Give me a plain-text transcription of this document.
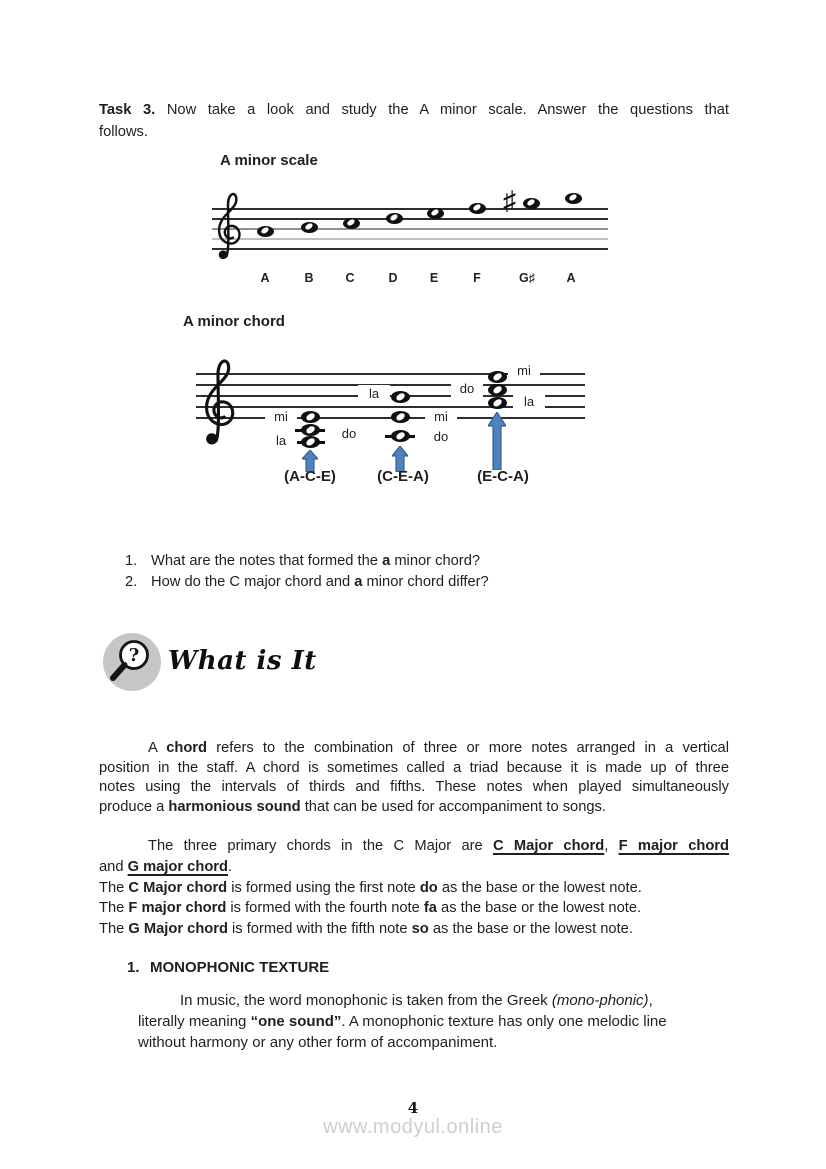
Task 3. Now take a look and study the A minor scale. Answer the questions that
follows.
A minor scale
♯
A	B	C	D	E	F	G♯	A
A minor chord
mi
la	do
(A-C-E)
la
mi
do
(C-E-A)
do
mi
la
(E-C-A)
1. What are the notes that formed the a minor chord?
2. How do the C major chord and a minor chord differ?
? What is It
A chord refers to the combination of three or more notes arranged in a vertical
position in the staff. A chord is sometimes called a triad because it is made up of three
notes using the intervals of thirds and fifths. These notes when played simultaneously
produce a harmonious sound that can be used for accompaniment to songs.
The three primary chords in the C Major are C Major chord, F major chord
and G major chord.
The C Major chord is formed using the first note do as the base or the lowest note.
The F major chord is formed with the fourth note fa as the base or the lowest note.
The G Major chord is formed with the fifth note so as the base or the lowest note.
1. MONOPHONIC TEXTURE
In music, the word monophonic is taken from the Greek (mono-phonic),
literally meaning “one sound”. A monophonic texture has only one melodic line
without harmony or any other form of accompaniment.
4
www.modyul.online
